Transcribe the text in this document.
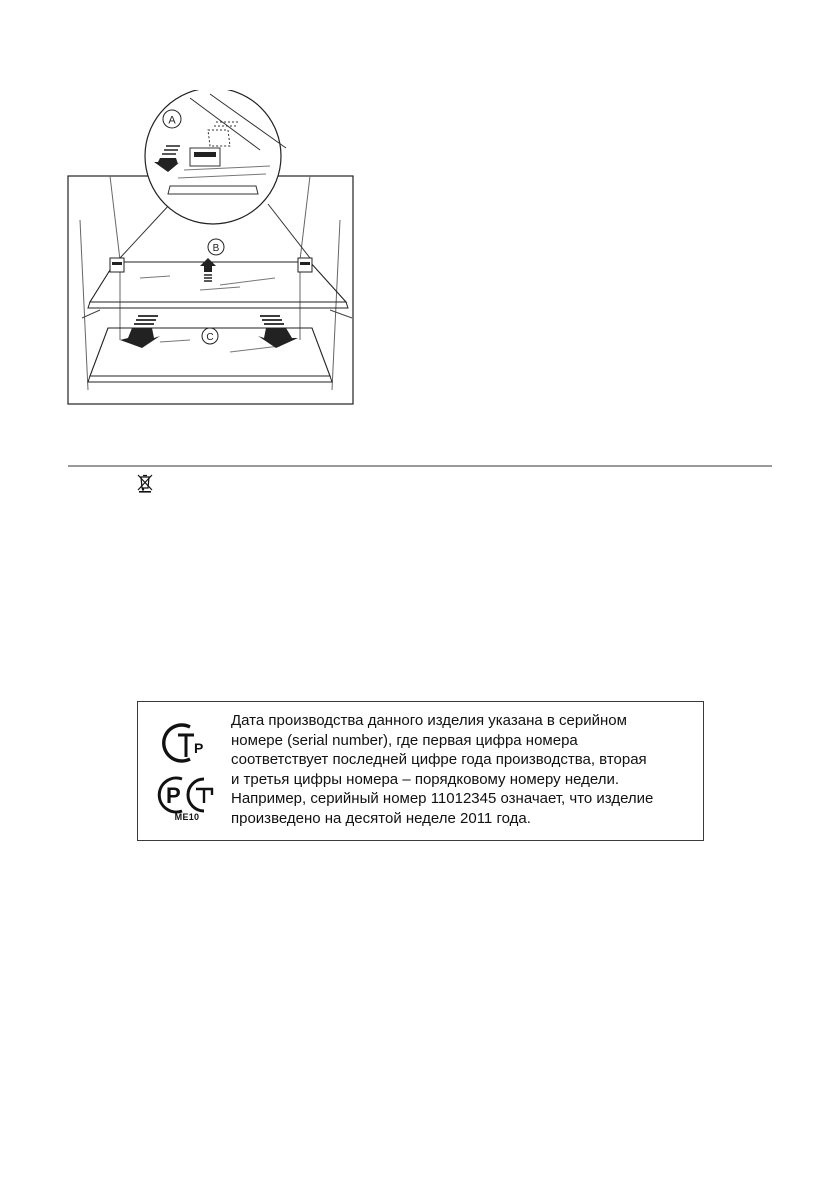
A
B
C
P
P
ME10

Дата производства данного изделия указана в серийном
номере (serial number), где первая цифра номера
соответствует последней цифре года производства, вторая
и третья цифры номера – порядковому номеру недели.
Например, серийный номер 11012345 означает, что изделие
произведено на десятой неделе 2011 года.
